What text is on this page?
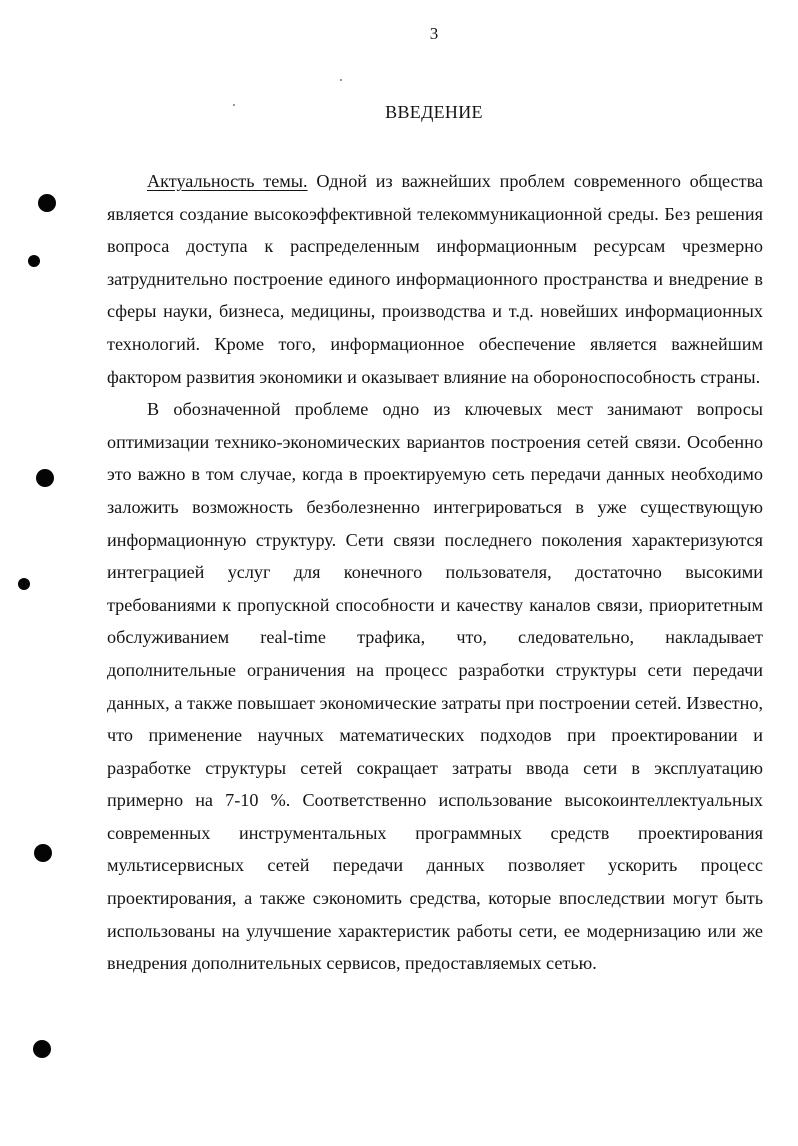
3
ВВЕДЕНИЕ

Актуальность темы. Одной из важнейших проблем современного общества является создание высокоэффективной телекоммуникационной среды. Без решения вопроса доступа к распределенным информационным ресурсам чрезмерно затруднительно построение единого информационного пространства и внедрение в сферы науки, бизнеса, медицины, производства и т.д. новейших информационных технологий. Кроме того, информационное обеспечение является важнейшим фактором развития экономики и оказывает влияние на обороноспособность страны.

В обозначенной проблеме одно из ключевых мест занимают вопросы оптимизации технико-экономических вариантов построения сетей связи. Особенно это важно в том случае, когда в проектируемую сеть передачи данных необходимо заложить возможность безболезненно интегрироваться в уже существующую информационную структуру. Сети связи последнего поколения характеризуются интеграцией услуг для конечного пользователя, достаточно высокими требованиями к пропускной способности и качеству каналов связи, приоритетным обслуживанием real-time трафика, что, следовательно, накладывает дополнительные ограничения на процесс разработки структуры сети передачи данных, а также повышает экономические затраты при построении сетей. Известно, что применение научных математических подходов при проектировании и разработке структуры сетей сокращает затраты ввода сети в эксплуатацию примерно на 7-10 %. Соответственно использование высокоинтеллектуальных современных инструментальных программных средств проектирования мультисервисных сетей передачи данных позволяет ускорить процесс проектирования, а также сэкономить средства, которые впоследствии могут быть использованы на улучшение характеристик работы сети, ее модернизацию или же внедрения дополнительных сервисов, предоставляемых сетью.
